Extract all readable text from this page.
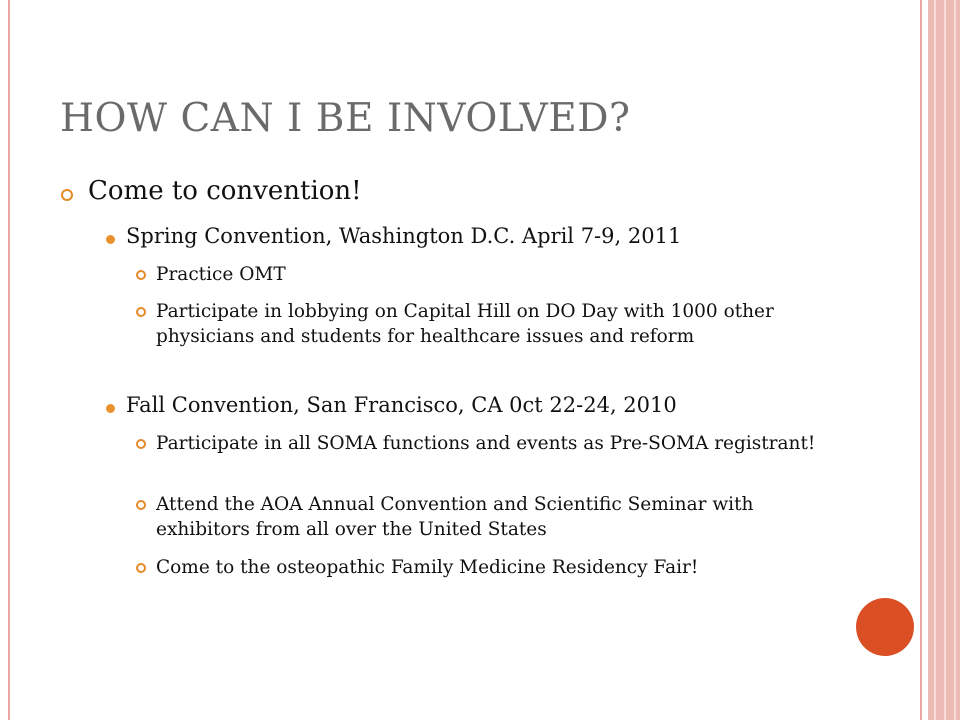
HOW CAN I BE INVOLVED?
Come to convention!
Spring Convention, Washington D.C. April 7-9, 2011
Practice OMT
Participate in lobbying on Capital Hill on DO Day with 1000 other physicians and students for healthcare issues and reform
Fall Convention, San Francisco, CA 0ct 22-24, 2010
Participate in all SOMA functions and events as Pre-SOMA registrant!
Attend the AOA Annual Convention and Scientific Seminar with exhibitors from all over the United States
Come to the osteopathic Family Medicine Residency Fair!
